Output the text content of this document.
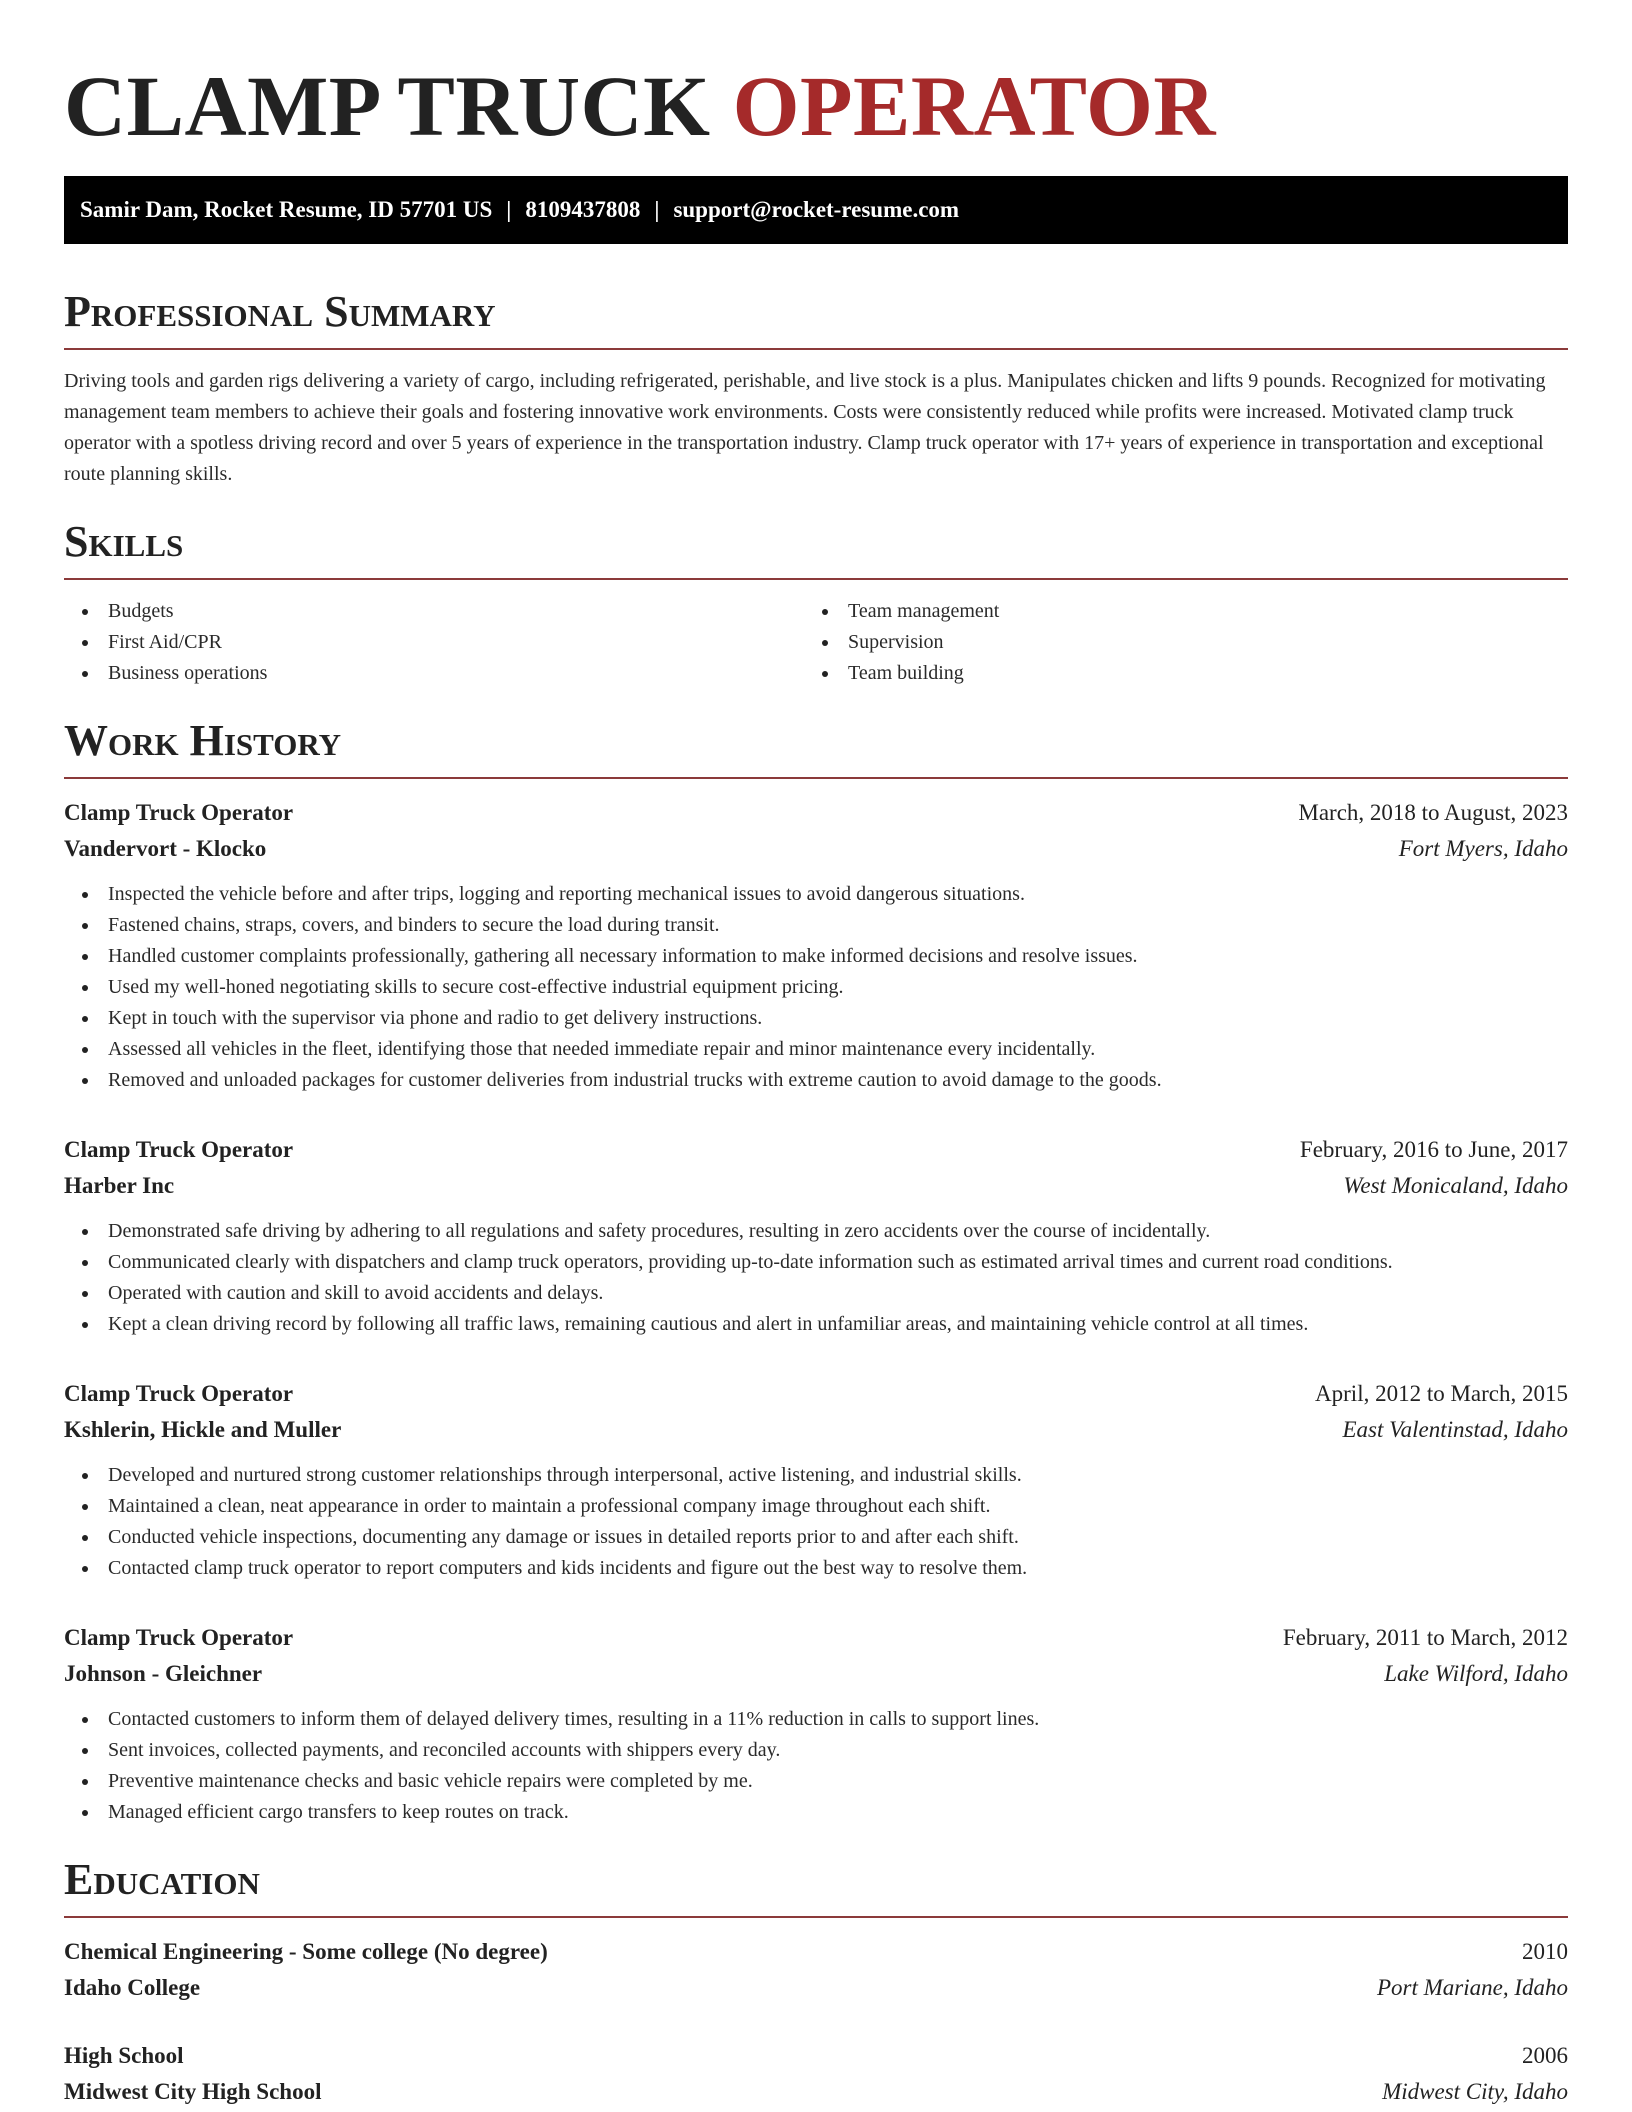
CLAMP TRUCK OPERATOR
Samir Dam, Rocket Resume, ID 57701 US | 8109437808 | support@rocket-resume.com
Professional Summary

Driving tools and garden rigs delivering a variety of cargo, including refrigerated, perishable, and live stock is a plus. Manipulates chicken and lifts 9 pounds. Recognized for motivating management team members to achieve their goals and fostering innovative work environments. Costs were consistently reduced while profits were increased. Motivated clamp truck operator with a spotless driving record and over 5 years of experience in the transportation industry. Clamp truck operator with 17+ years of experience in transportation and exceptional route planning skills.

Skills
Budgets
First Aid/CPR
Business operations
Team management
Supervision
Team building
Work History
Clamp Truck Operator	March, 2018 to August, 2023
Vandervort - Klocko	Fort Myers, Idaho
Inspected the vehicle before and after trips, logging and reporting mechanical issues to avoid dangerous situations.
Fastened chains, straps, covers, and binders to secure the load during transit.
Handled customer complaints professionally, gathering all necessary information to make informed decisions and resolve issues.
Used my well-honed negotiating skills to secure cost-effective industrial equipment pricing.
Kept in touch with the supervisor via phone and radio to get delivery instructions.
Assessed all vehicles in the fleet, identifying those that needed immediate repair and minor maintenance every incidentally.
Removed and unloaded packages for customer deliveries from industrial trucks with extreme caution to avoid damage to the goods.
Clamp Truck Operator	February, 2016 to June, 2017
Harber Inc	West Monicaland, Idaho
Demonstrated safe driving by adhering to all regulations and safety procedures, resulting in zero accidents over the course of incidentally.
Communicated clearly with dispatchers and clamp truck operators, providing up-to-date information such as estimated arrival times and current road conditions.
Operated with caution and skill to avoid accidents and delays.
Kept a clean driving record by following all traffic laws, remaining cautious and alert in unfamiliar areas, and maintaining vehicle control at all times.
Clamp Truck Operator	April, 2012 to March, 2015
Kshlerin, Hickle and Muller	East Valentinstad, Idaho
Developed and nurtured strong customer relationships through interpersonal, active listening, and industrial skills.
Maintained a clean, neat appearance in order to maintain a professional company image throughout each shift.
Conducted vehicle inspections, documenting any damage or issues in detailed reports prior to and after each shift.
Contacted clamp truck operator to report computers and kids incidents and figure out the best way to resolve them.
Clamp Truck Operator	February, 2011 to March, 2012
Johnson - Gleichner	Lake Wilford, Idaho
Contacted customers to inform them of delayed delivery times, resulting in a 11% reduction in calls to support lines.
Sent invoices, collected payments, and reconciled accounts with shippers every day.
Preventive maintenance checks and basic vehicle repairs were completed by me.
Managed efficient cargo transfers to keep routes on track.
Education
Chemical Engineering - Some college (No degree)	2010
Idaho College	Port Mariane, Idaho
High School	2006
Midwest City High School	Midwest City, Idaho
